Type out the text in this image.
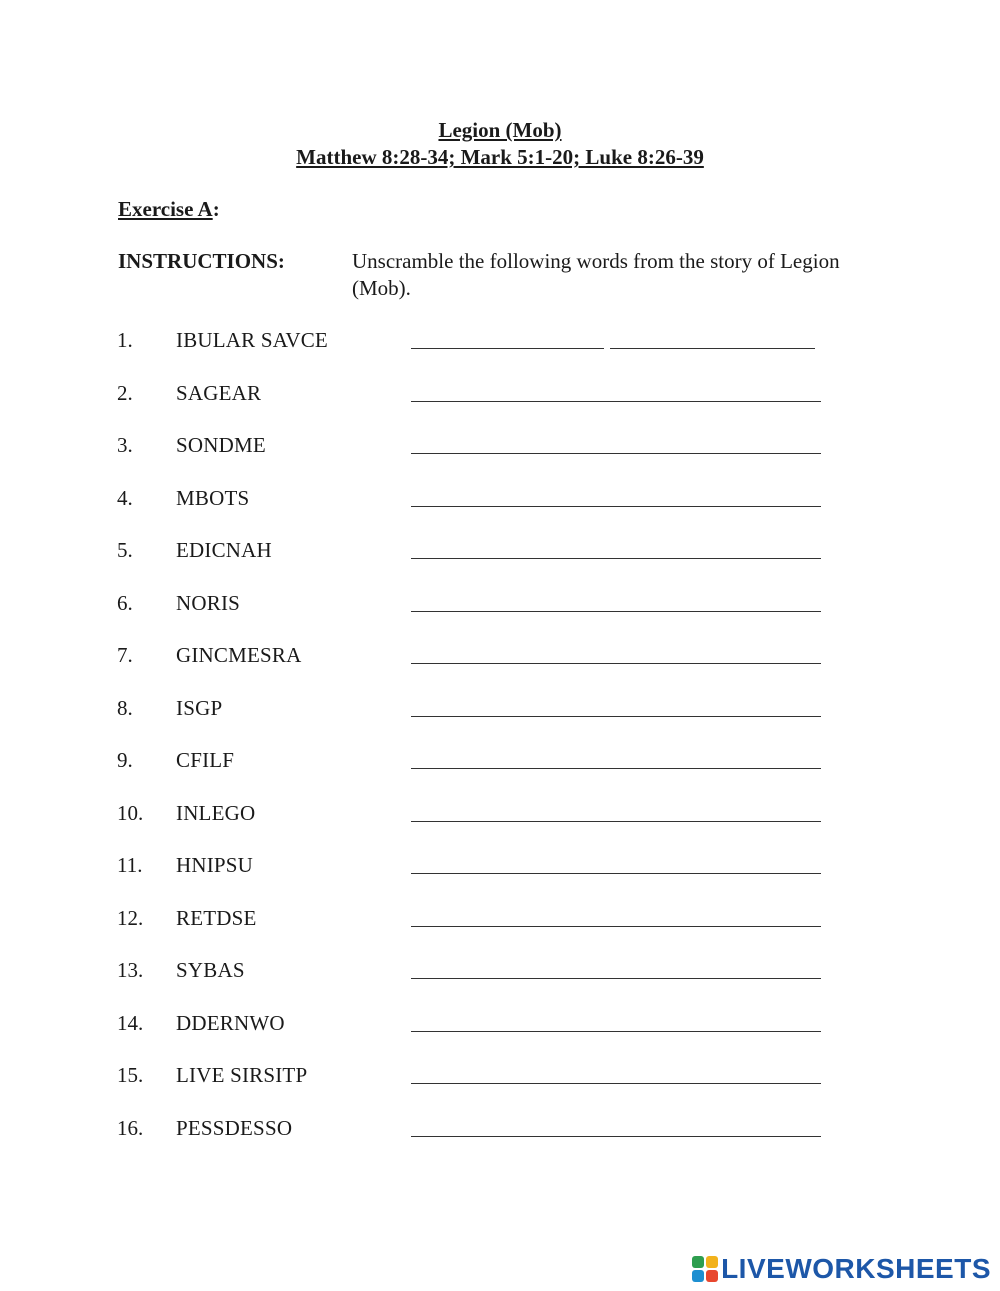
Legion (Mob)
Matthew 8:28-34; Mark 5:1-20; Luke 8:26-39
Exercise A:
INSTRUCTIONS:	Unscramble the following words from the story of Legion (Mob).
1. IBULAR SAVCE
2. SAGEAR
3. SONDME
4. MBOTS
5. EDICNAH
6. NORIS
7. GINCMESRA
8. ISGP
9. CFILF
10. INLEGO
11. HNIPSU
12. RETDSE
13. SYBAS
14. DDERNWO
15. LIVE SIRSITP
16. PESSDESSO
LIVEWORKSHEETS
